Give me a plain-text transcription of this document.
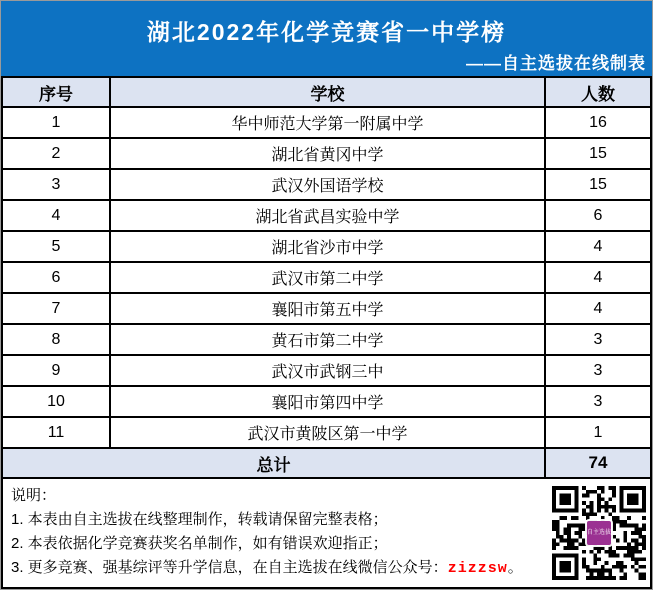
湖北2022年化学竞赛省一中学榜
——自主选拔在线制表
序号	学校	人数
1	华中师范大学第一附属中学	16
2	湖北省黄冈中学	15
3	武汉外国语学校	15
4	湖北省武昌实验中学	6
5	湖北省沙市中学	4
6	武汉市第二中学	4
7	襄阳市第五中学	4
8	黄石市第二中学	3
9	武汉市武钢三中	3
10	襄阳市第四中学	3
11	武汉市黄陂区第一中学	1
总计		74
说明：
1. 本表由自主选拔在线整理制作，转载请保留完整表格；
2. 本表依据化学竞赛获奖名单制作，如有错误欢迎指正；
3. 更多竞赛、强基综评等升学信息，在自主选拔在线微信公众号：zizzsw。
自主选拔
